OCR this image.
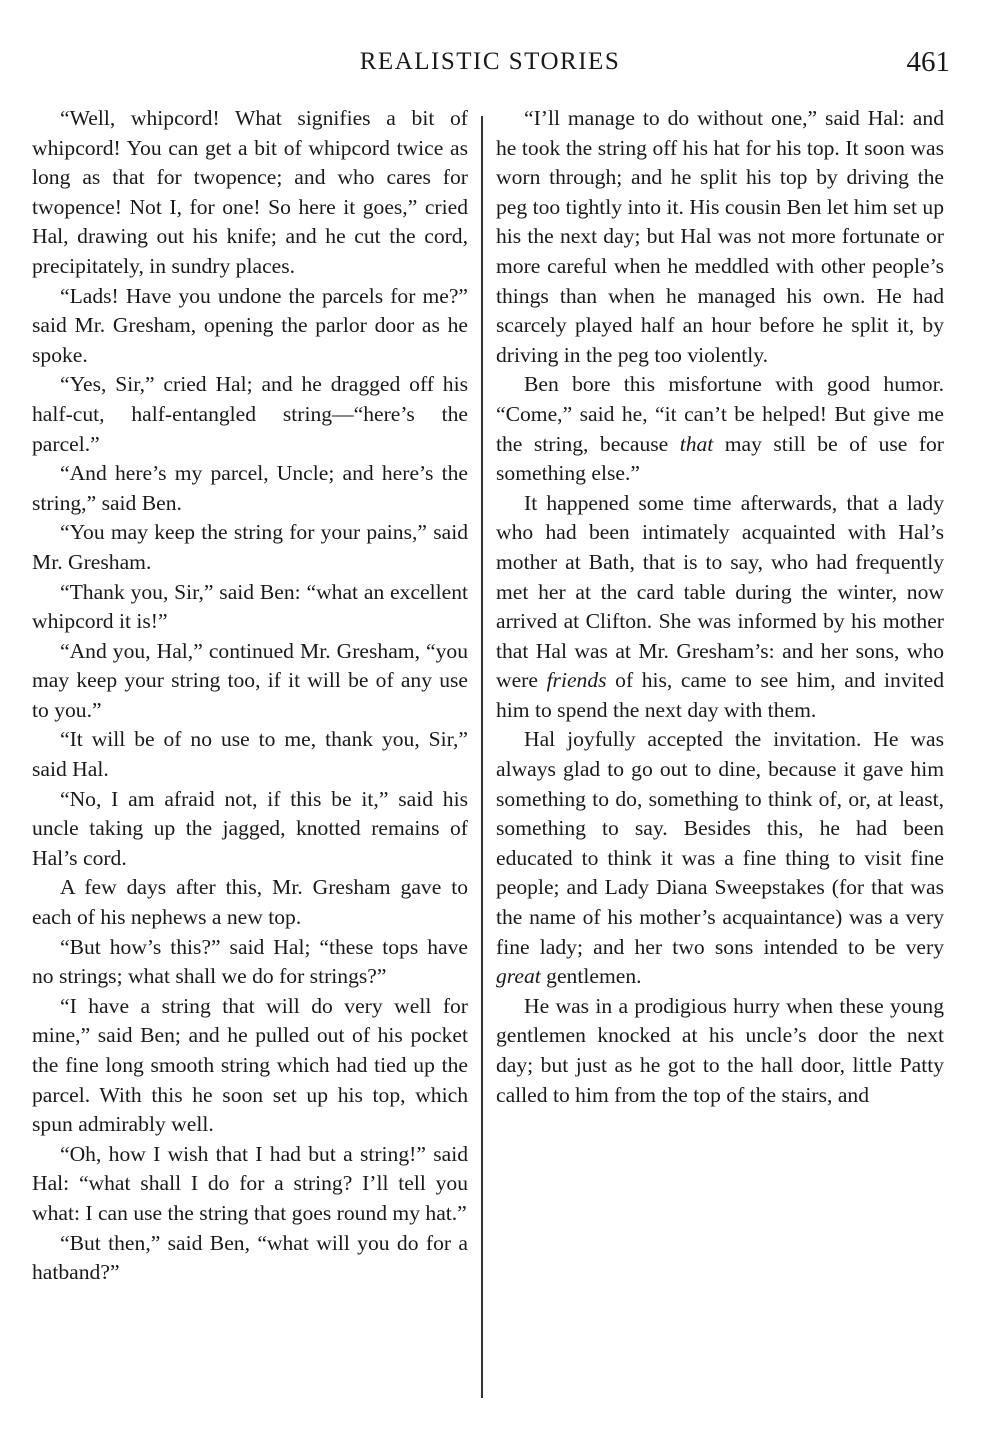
REALISTIC STORIES	461

“Well, whipcord! What signifies a bit of whipcord! You can get a bit of whipcord twice as long as that for twopence; and who cares for twopence! Not I, for one! So here it goes,” cried Hal, drawing out his knife; and he cut the cord, precipitately, in sundry places.

“Lads! Have you undone the parcels for me?” said Mr. Gresham, opening the parlor door as he spoke.

“Yes, Sir,” cried Hal; and he dragged off his half-cut, half-entangled string—“here’s the parcel.”

“And here’s my parcel, Uncle; and here’s the string,” said Ben.

“You may keep the string for your pains,” said Mr. Gresham.

“Thank you, Sir,” said Ben: “what an excellent whipcord it is!”

“And you, Hal,” continued Mr. Gresham, “you may keep your string too, if it will be of any use to you.”

“It will be of no use to me, thank you, Sir,” said Hal.

“No, I am afraid not, if this be it,” said his uncle taking up the jagged, knotted remains of Hal’s cord.

A few days after this, Mr. Gresham gave to each of his nephews a new top.

“But how’s this?” said Hal; “these tops have no strings; what shall we do for strings?”

“I have a string that will do very well for mine,” said Ben; and he pulled out of his pocket the fine long smooth string which had tied up the parcel. With this he soon set up his top, which spun admirably well.

“Oh, how I wish that I had but a string!” said Hal: “what shall I do for a string? I’ll tell you what: I can use the string that goes round my hat.”

“But then,” said Ben, “what will you do for a hatband?”

“I’ll manage to do without one,” said Hal: and he took the string off his hat for his top. It soon was worn through; and he split his top by driving the peg too tightly into it. His cousin Ben let him set up his the next day; but Hal was not more fortunate or more careful when he meddled with other people’s things than when he managed his own. He had scarcely played half an hour before he split it, by driving in the peg too violently.

Ben bore this misfortune with good humor. “Come,” said he, “it can’t be helped! But give me the string, because that may still be of use for something else.”

It happened some time afterwards, that a lady who had been intimately acquainted with Hal’s mother at Bath, that is to say, who had frequently met her at the card table during the winter, now arrived at Clifton. She was informed by his mother that Hal was at Mr. Gresham’s: and her sons, who were friends of his, came to see him, and invited him to spend the next day with them.

Hal joyfully accepted the invitation. He was always glad to go out to dine, because it gave him something to do, something to think of, or, at least, something to say. Besides this, he had been educated to think it was a fine thing to visit fine people; and Lady Diana Sweepstakes (for that was the name of his mother’s acquaintance) was a very fine lady; and her two sons intended to be very great gentlemen.

He was in a prodigious hurry when these young gentlemen knocked at his uncle’s door the next day; but just as he got to the hall door, little Patty called to him from the top of the stairs, and
